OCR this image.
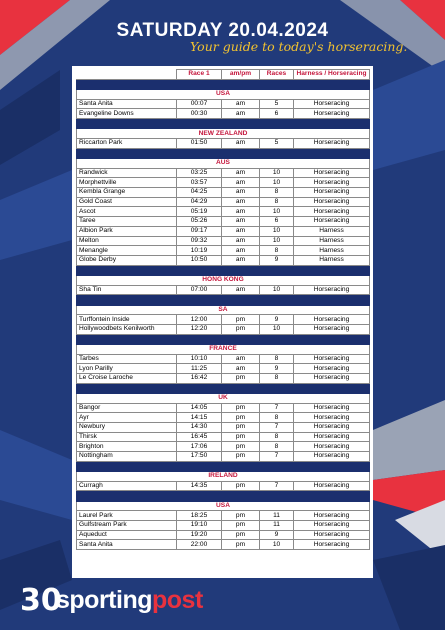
SATURDAY 20.04.2024
Your guide to today's horseracing.
	Race 1	am/pm	Races	Harness / Horseracing

USA				
Santa Anita	00:07	am	5	Horseracing
Evangeline Downs	00:30	am	6	Horseracing

NEW ZEALAND				
Riccarton Park	01:50	am	5	Horseracing

AUS				
Randwick	03:25	am	10	Horseracing
Morphettville	03:57	am	10	Horseracing
Kembla Grange	04:25	am	8	Horseracing
Gold Coast	04:29	am	8	Horseracing
Ascot	05:19	am	10	Horseracing
Taree	05:26	am	6	Horseracing
Albion Park	09:17	am	10	Harness
Melton	09:32	am	10	Harness
Menangle	10:19	am	8	Harness
Globe Derby	10:50	am	9	Harness

HONG KONG				
Sha Tin	07:00	am	10	Horseracing

SA				
Turffontein Inside	12:00	pm	9	Horseracing
Hollywoodbets Kenilworth	12:20	pm	10	Horseracing

FRANCE				
Tarbes	10:10	am	8	Horseracing
Lyon Parilly	11:25	am	9	Horseracing
Le Croise Laroche	16:42	pm	8	Horseracing

UK				
Bangor	14:05	pm	7	Horseracing
Ayr	14:15	pm	8	Horseracing
Newbury	14:30	pm	7	Horseracing
Thirsk	16:45	pm	8	Horseracing
Brighton	17:06	pm	8	Horseracing
Nottingham	17:50	pm	7	Horseracing

IRELAND				
Curragh	14:35	pm	7	Horseracing

USA				
Laurel Park	18:25	pm	11	Horseracing
Gulfstream Park	19:10	pm	11	Horseracing
Aqueduct	19:20	pm	9	Horseracing
Santa Anita	22:00	pm	10	Horseracing
30
sportingpost
